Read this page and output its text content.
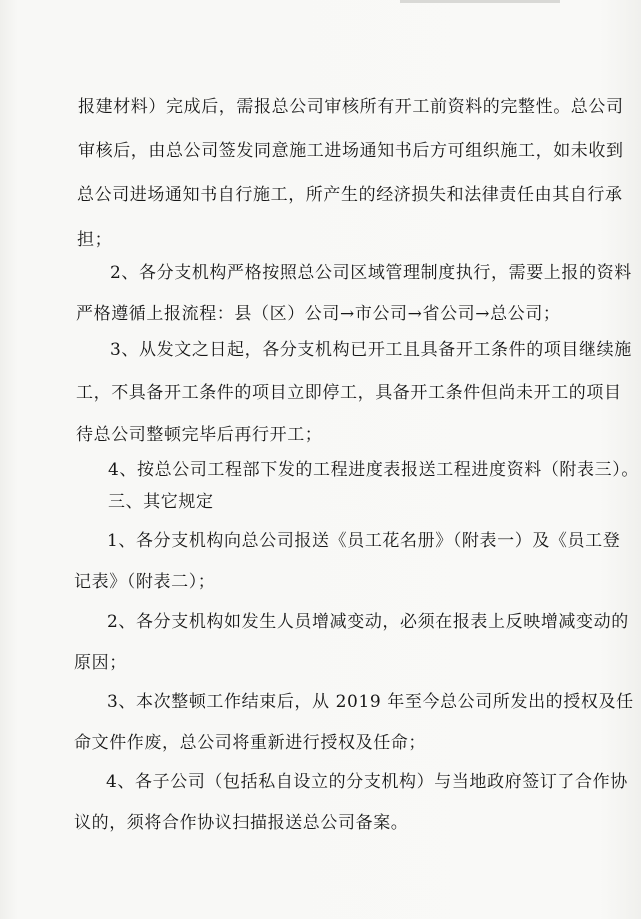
报建材料）完成后，需报总公司审核所有开工前资料的完整性。总公司
审核后，由总公司签发同意施工进场通知书后方可组织施工，如未收到
总公司进场通知书自行施工，所产生的经济损失和法律责任由其自行承
担；
2、各分支机构严格按照总公司区域管理制度执行，需要上报的资料
严格遵循上报流程：县（区）公司→市公司→省公司→总公司；
3、从发文之日起，各分支机构已开工且具备开工条件的项目继续施
工，不具备开工条件的项目立即停工，具备开工条件但尚未开工的项目
待总公司整顿完毕后再行开工；
4、按总公司工程部下发的工程进度表报送工程进度资料（附表三）。
三、其它规定
1、各分支机构向总公司报送《员工花名册》（附表一）及《员工登
记表》（附表二）；
2、各分支机构如发生人员增减变动，必须在报表上反映增减变动的
原因；
3、本次整顿工作结束后，从 2019 年至今总公司所发出的授权及任
命文件作废，总公司将重新进行授权及任命；
4、各子公司（包括私自设立的分支机构）与当地政府签订了合作协
议的，须将合作协议扫描报送总公司备案。
